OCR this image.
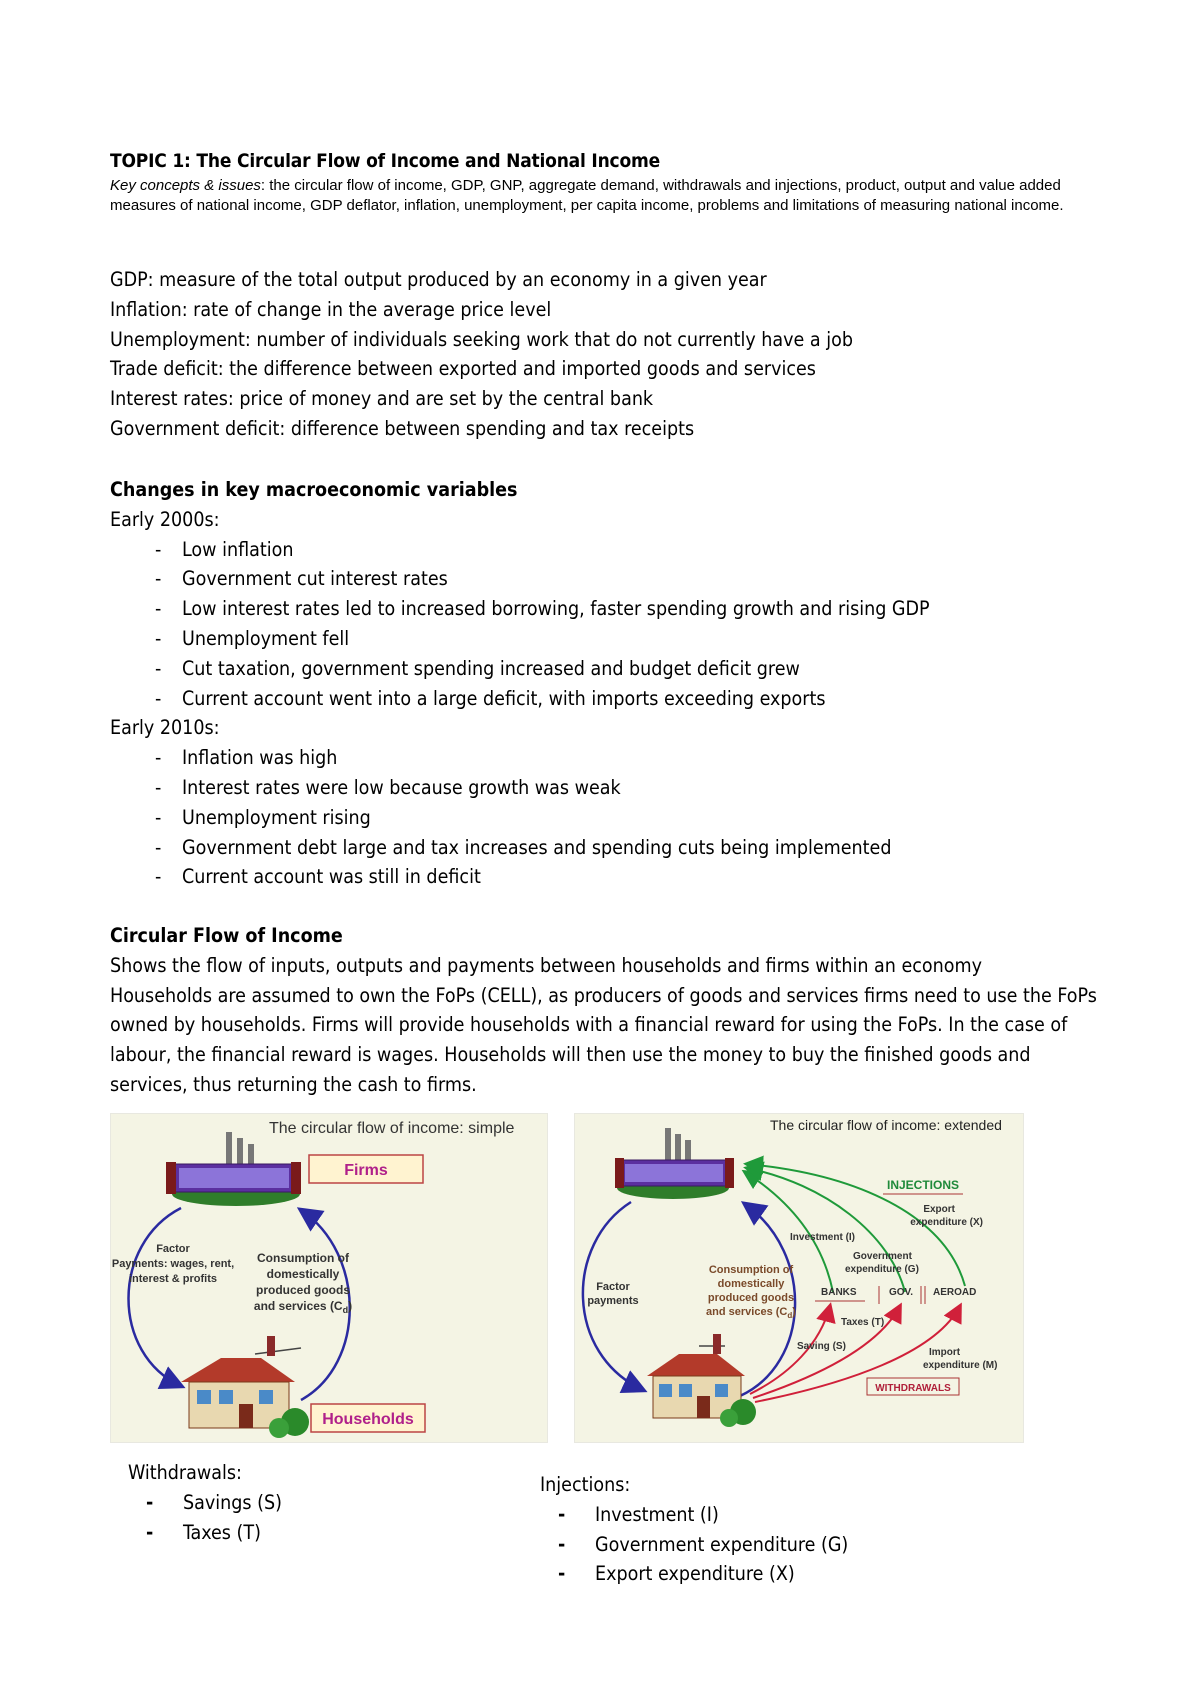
TOPIC 1: The Circular Flow of Income and National Income
Key concepts & issues: the circular flow of income, GDP, GNP, aggregate demand, withdrawals and injections, product, output and value added measures of national income, GDP deflator, inflation, unemployment, per capita income, problems and limitations of measuring national income.
GDP: measure of the total output produced by an economy in a given year
Inflation: rate of change in the average price level
Unemployment: number of individuals seeking work that do not currently have a job
Trade deficit: the difference between exported and imported goods and services
Interest rates: price of money and are set by the central bank
Government deficit: difference between spending and tax receipts
Changes in key macroeconomic variables
Early 2000s:
- Low inflation
- Government cut interest rates
- Low interest rates led to increased borrowing, faster spending growth and rising GDP
- Unemployment fell
- Cut taxation, government spending increased and budget deficit grew
- Current account went into a large deficit, with imports exceeding exports
Early 2010s:
- Inflation was high
- Interest rates were low because growth was weak
- Unemployment rising
- Government debt large and tax increases and spending cuts being implemented
- Current account was still in deficit
Circular Flow of Income
Shows the flow of inputs, outputs and payments between households and firms within an economy
Households are assumed to own the FoPs (CELL), as producers of goods and services firms need to use the FoPs owned by households. Firms will provide households with a financial reward for using the FoPs. In the case of labour, the financial reward is wages. Households will then use the money to buy the finished goods and services, thus returning the cash to firms.
The circular flow of income: simple
Firms
Factor
Payments: wages, rent,
interest & profits
Consumption of
domestically
produced goods
and services $(C_d)$
Households
The circular flow of income: extended
INJECTIONS
Export
expenditure (X)
Investment (I)
Government
expenditure (G)
BANKS	GOV. AEROAD
Factor
payments
Consumption of
domestically
produced goods
and services $(C_d)$
Taxes (T)
Saving (S)
Import
expenditure (M)
WITHDRAWALS
Withdrawals:
- Savings (S)
- Taxes (T)
Injections:
- Investment (I)
- Government expenditure (G)
- Export expenditure (X)
